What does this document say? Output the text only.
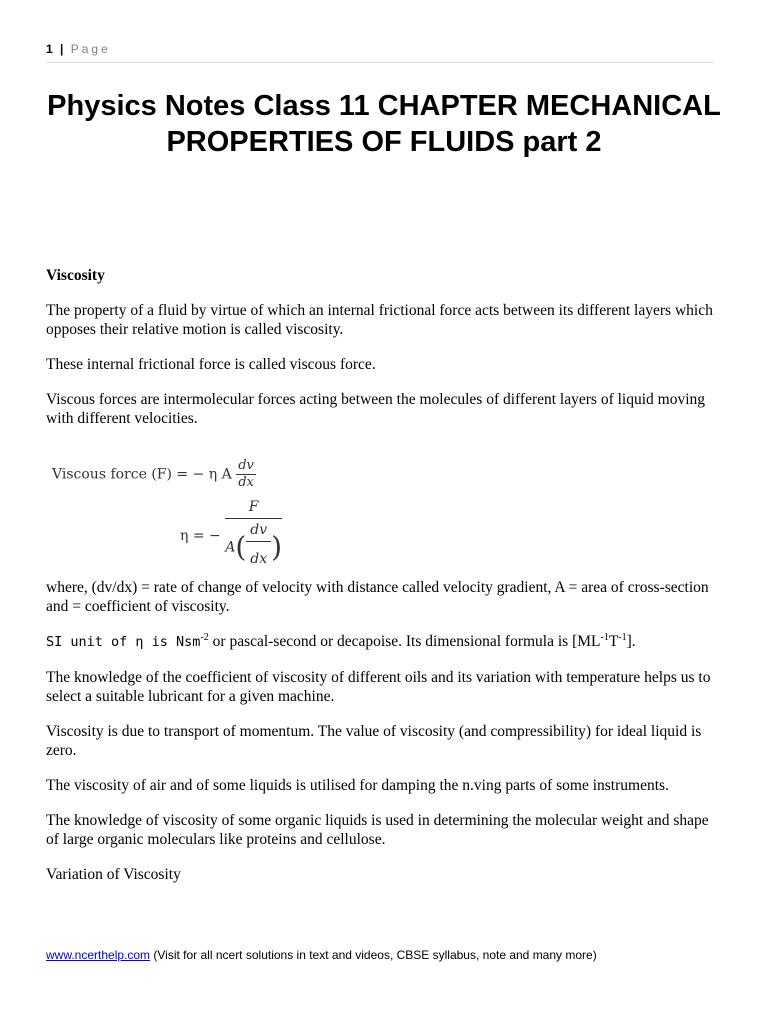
1 | Page
Physics Notes Class 11 CHAPTER MECHANICAL PROPERTIES OF FLUIDS part 2

Viscosity

The property of a fluid by virtue of which an internal frictional force acts between its different layers which opposes their relative motion is called viscosity.

These internal frictional force is called viscous force.

Viscous forces are intermolecular forces acting between the molecules of different layers of liquid moving with different velocities.

Viscous force (F) = − η A $\frac{dv}{dx}$
η = − $\frac{F}{A( \frac{dv}{dx} )}$

where, (dv/dx) = rate of change of velocity with distance called velocity gradient, A = area of cross-section and = coefficient of viscosity.

SI unit of η is Nsm$^{-2}$ or pascal-second or decapoise. Its dimensional formula is $[ML^{-1}T^{-1}]$.

The knowledge of the coefficient of viscosity of different oils and its variation with temperature helps us to select a suitable lubricant for a given machine.

Viscosity is due to transport of momentum. The value of viscosity (and compressibility) for ideal liquid is zero.

The viscosity of air and of some liquids is utilised for damping the n.ving parts of some instruments.

The knowledge of viscosity of some organic liquids is used in determining the molecular weight and shape of large organic moleculars like proteins and cellulose.

Variation of Viscosity

www.ncerthelp.com (Visit for all ncert solutions in text and videos, CBSE syllabus, note and many more)
